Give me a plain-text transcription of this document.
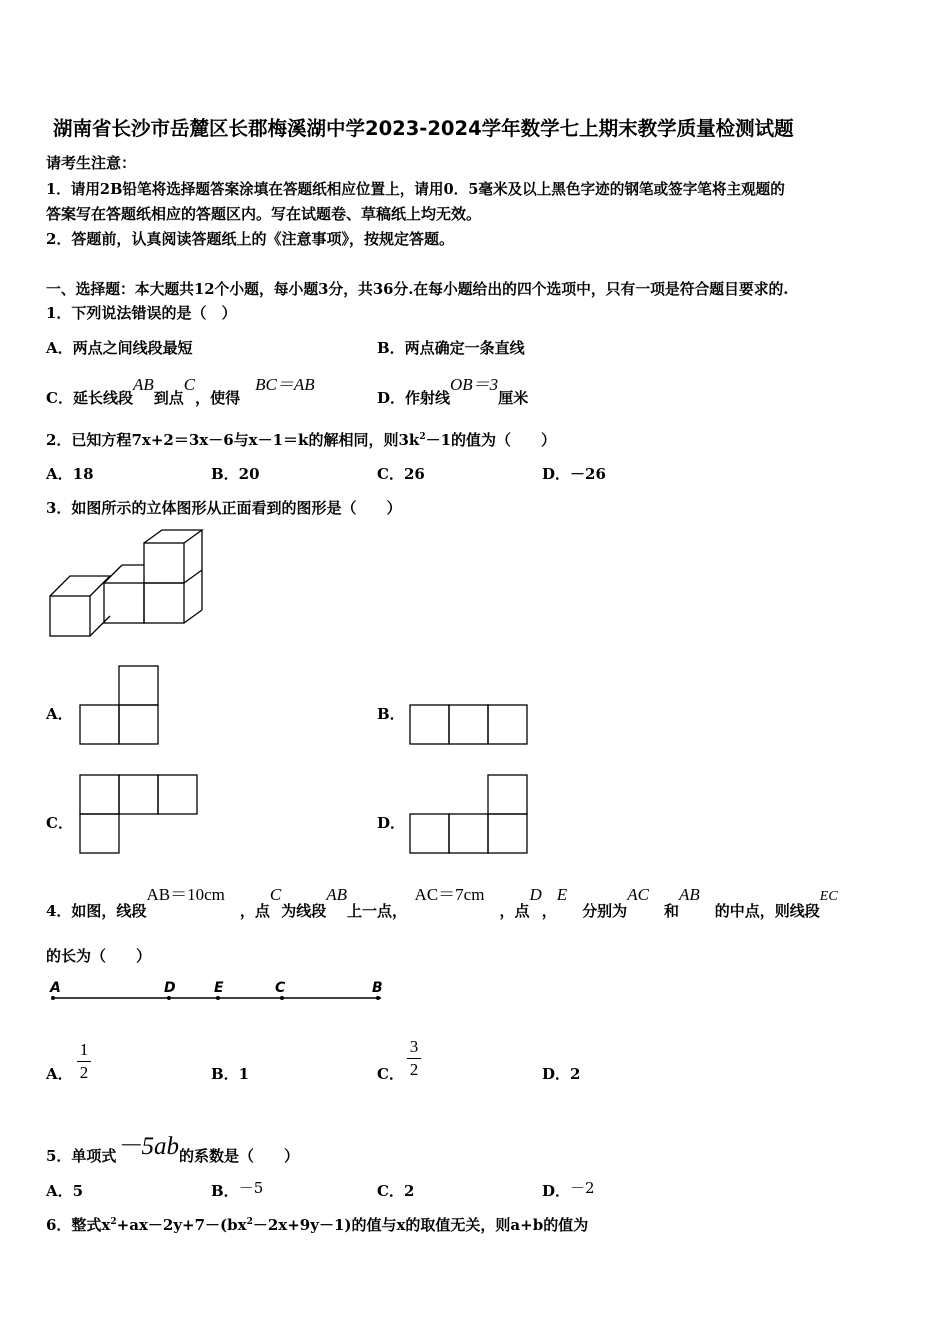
湖南省长沙市岳麓区长郡梅溪湖中学2023-2024学年数学七上期末教学质量检测试题
请考生注意：
1．请用2B铅笔将选择题答案涂填在答题纸相应位置上，请用0．5毫米及以上黑色字迹的钢笔或签字笔将主观题的
答案写在答题纸相应的答题区内。写在试题卷、草稿纸上均无效。
2．答题前，认真阅读答题纸上的《注意事项》，按规定答题。
一、选择题：本大题共12个小题，每小题3分，共36分.在每小题给出的四个选项中，只有一项是符合题目要求的.
1．下列说法错误的是（　）
A．两点之间线段最短	B．两点确定一条直线
C．延长线段AB到点C，使得　BC＝AB
D．作射线OB＝3厘米
2．已知方程7x+2＝3x－6与x－1＝k的解相同，则$3k^2-1$的值为（　　）
A．18	B．20	C．26	D．－26
3．如图所示的立体图形从正面看到的图形是（　　）
A．	B．
C．	D．
4．如图，线段AB＝10cm　，点C为线段AB上一点，　AC＝7cm　，点D，E　分别为AC　和AB　的中点，则线段EC
的长为（　　）
A	D	E	C	B
A．
1
2	B．1	C．
3
2	D．2
5．单项式－5ab的系数是（　　）
A．5	B．－5	C．2	D．－2
6．整式$x^2+ax-2y+7-(bx^2-2x+9y-1)$的值与x的取值无关，则a+b的值为
